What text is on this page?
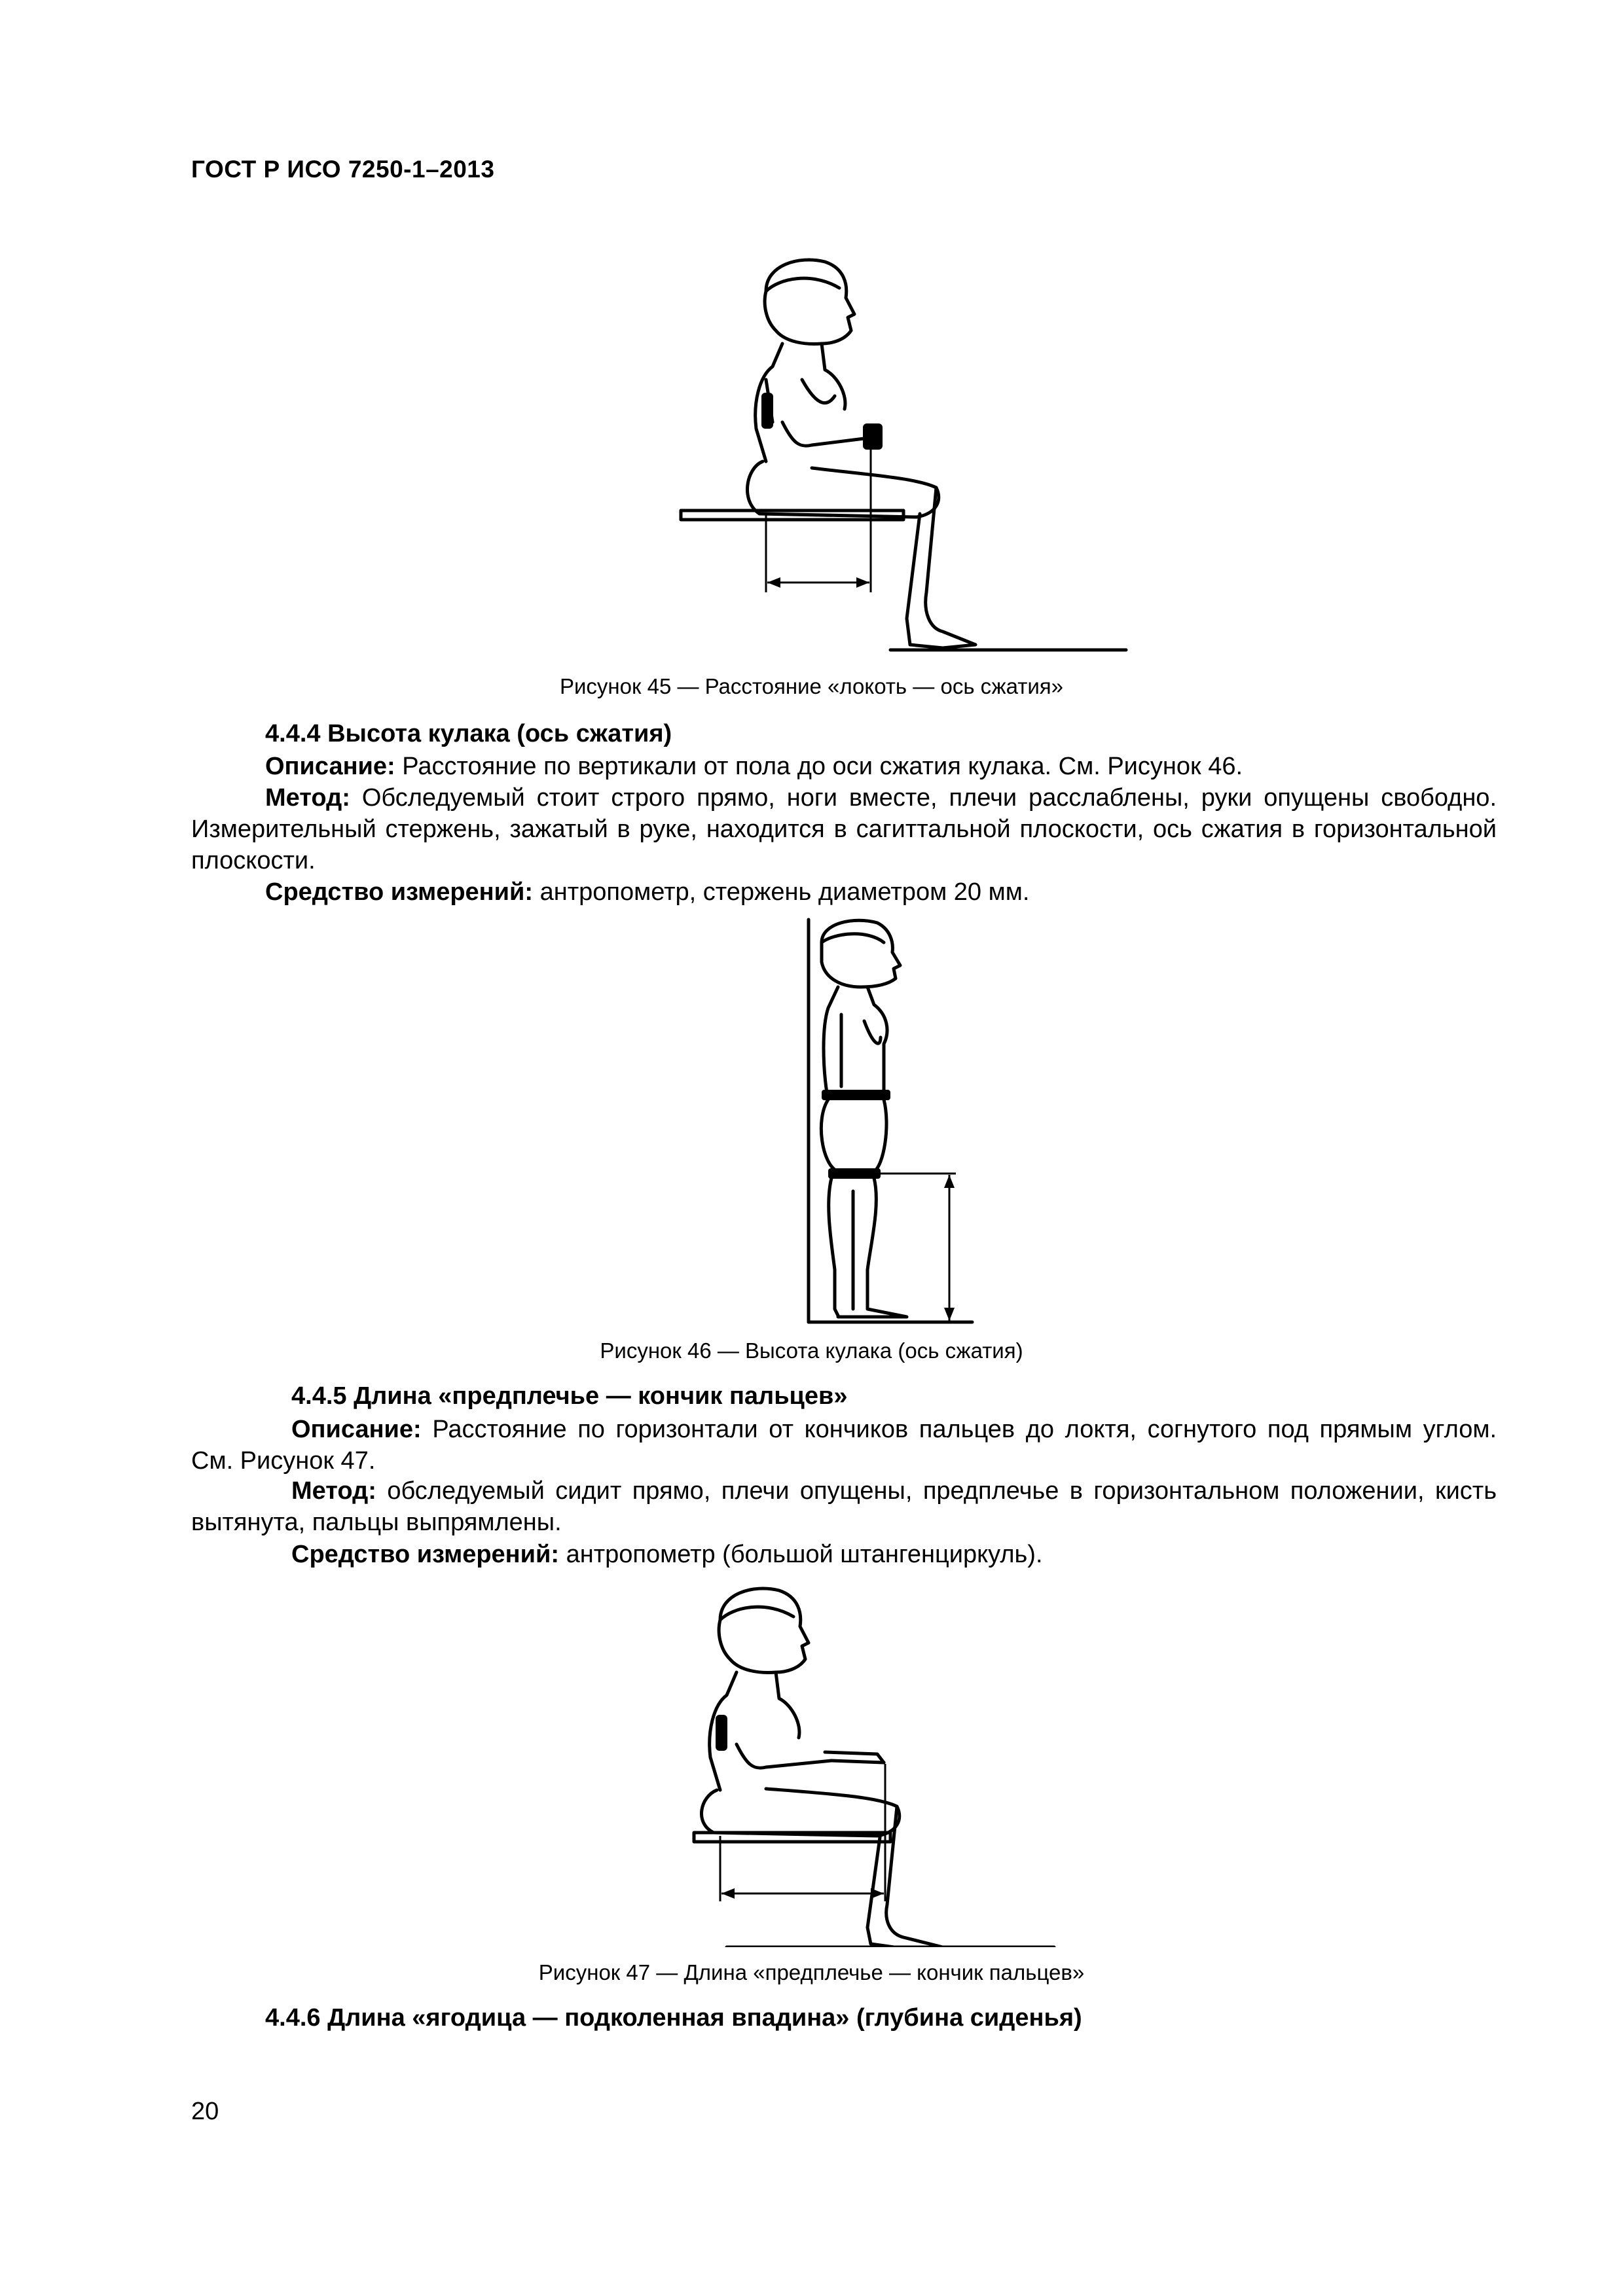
ГОСТ Р ИСО 7250-1–2013
Рисунок 45 — Расстояние «локоть — ось сжатия»
4.4.4 Высота кулака (ось сжатия)
Описание: Расстояние по вертикали от пола до оси сжатия кулака. См. Рисунок 46.
Метод: Обследуемый стоит строго прямо, ноги вместе, плечи расслаблены, руки опущены свободно. Измерительный стержень, зажатый в руке, находится в сагиттальной плоскости, ось сжатия в горизонтальной плоскости.
Средство измерений: антропометр, стержень диаметром 20 мм.
Рисунок 46 — Высота кулака (ось сжатия)
4.4.5 Длина «предплечье — кончик пальцев»
Описание: Расстояние по горизонтали от кончиков пальцев до локтя, согнутого под прямым углом. См. Рисунок 47.
Метод: обследуемый сидит прямо, плечи опущены, предплечье в горизонтальном положении, кисть вытянута, пальцы выпрямлены.
Средство измерений: антропометр (большой штангенциркуль).
Рисунок 47 — Длина «предплечье — кончик пальцев»
4.4.6 Длина «ягодица — подколенная впадина» (глубина сиденья)
20
